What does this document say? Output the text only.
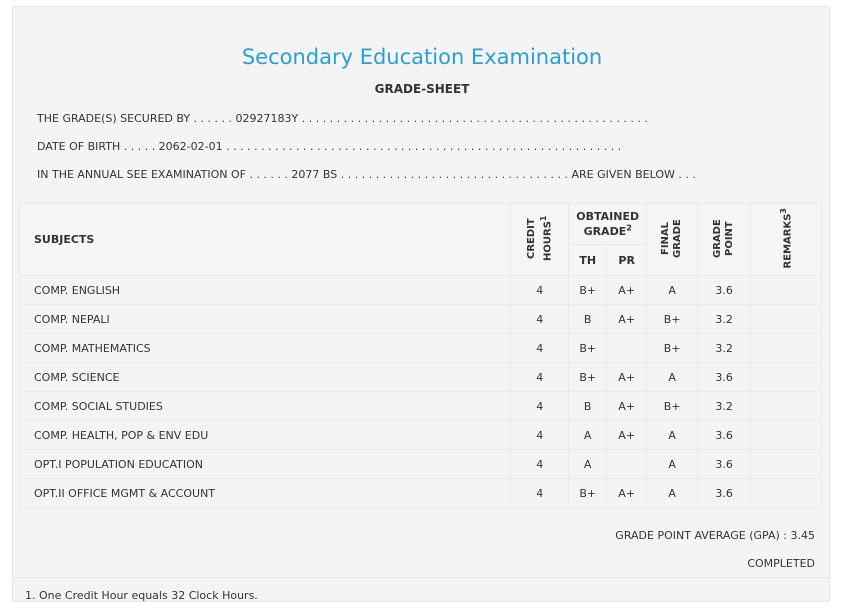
Secondary Education Examination
GRADE-SHEET
THE GRADE(S) SECURED BY . . . . . . 02927183Y . . . . . . . . . . . . . . . . . . . . . . . . . . . . . . . . . . . . . . . . . . . . . . . . . .
DATE OF BIRTH . . . . . 2062-02-01 . . . . . . . . . . . . . . . . . . . . . . . . . . . . . . . . . . . . . . . . . . . . . . . . . . . . . . . . .
IN THE ANNUAL SEE EXAMINATION OF . . . . . . 2077 BS . . . . . . . . . . . . . . . . . . . . . . . . . . . . . . . . . ARE GIVEN BELOW . . .
SUBJECTS	CREDIT HOURS$^1$	OBTAINED GRADE$^2$		FINAL GRADE	GRADE POINT	REMARKS$^3$
		TH	PR			
COMP. ENGLISH	4	B+	A+	A	3.6	
COMP. NEPALI	4	B	A+	B+	3.2	
COMP. MATHEMATICS	4	B+		B+	3.2	
COMP. SCIENCE	4	B+	A+	A	3.6	
COMP. SOCIAL STUDIES	4	B	A+	B+	3.2	
COMP. HEALTH, POP & ENV EDU	4	A	A+	A	3.6	
OPT.I POPULATION EDUCATION	4	A		A	3.6	
OPT.II OFFICE MGMT & ACCOUNT	4	B+	A+	A	3.6	
GRADE POINT AVERAGE (GPA) : 3.45
COMPLETED
1. One Credit Hour equals 32 Clock Hours.
